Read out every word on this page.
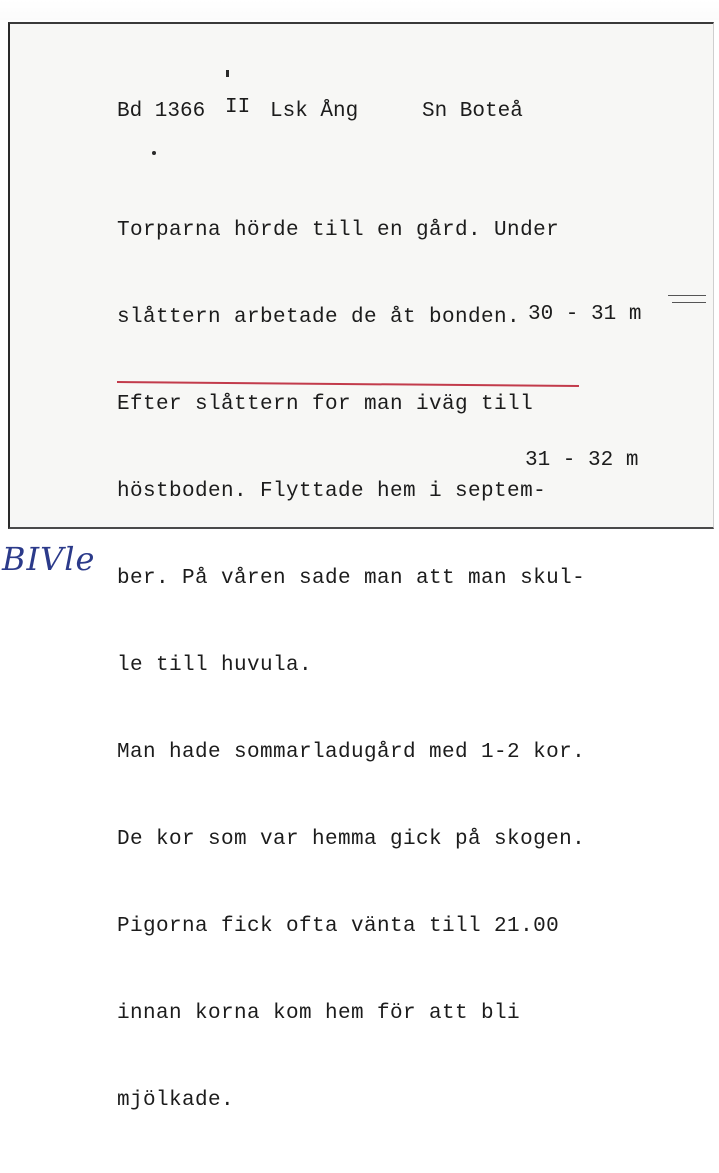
Bd 1366 II Lsk Ång	Sn Boteå

Torparna hörde till en gård. Under

slåttern arbetade de åt bonden.

Efter slåttern for man iväg till

höstboden. Flyttade hem i septem-

ber. På våren sade man att man skul-

le till huvula.

Man hade sommarladugård med 1-2 kor.

De kor som var hemma gick på skogen.

Pigorna fick ofta vänta till 21.00

innan korna kom hem för att bli

mjölkade.

30 - 31 m
31 - 32 m
BIVle
